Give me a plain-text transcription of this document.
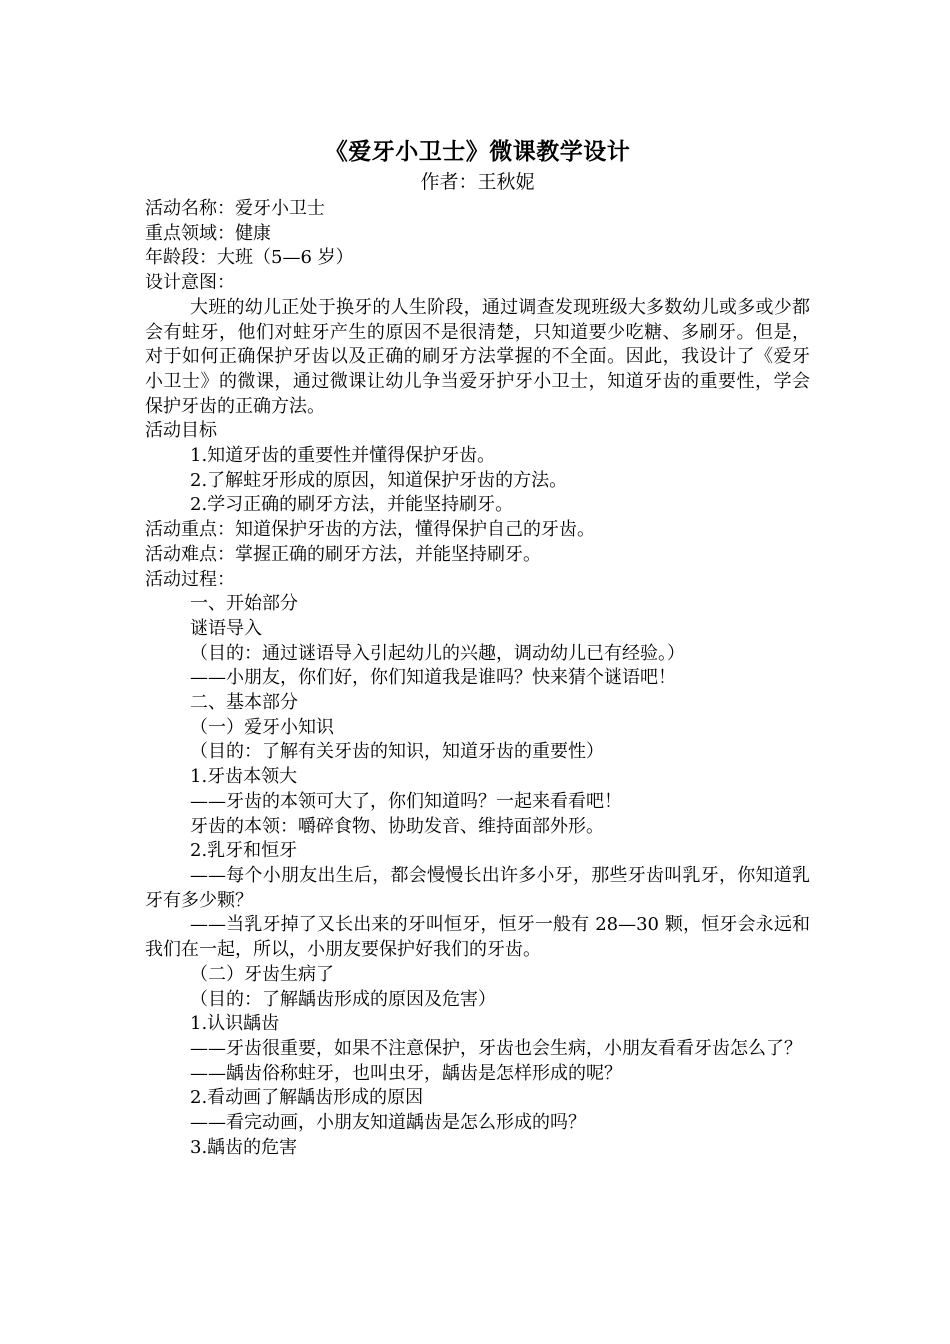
《爱牙小卫士》微课教学设计
作者：王秋妮
活动名称：爱牙小卫士
重点领域：健康
年龄段：大班（5—6 岁）
设计意图：
大班的幼儿正处于换牙的人生阶段，通过调查发现班级大多数幼儿或多或少都会有蛀牙，他们对蛀牙产生的原因不是很清楚，只知道要少吃糖、多刷牙。但是，对于如何正确保护牙齿以及正确的刷牙方法掌握的不全面。因此，我设计了《爱牙小卫士》的微课，通过微课让幼儿争当爱牙护牙小卫士，知道牙齿的重要性，学会保护牙齿的正确方法。
活动目标
1.知道牙齿的重要性并懂得保护牙齿。
2.了解蛀牙形成的原因，知道保护牙齿的方法。
2.学习正确的刷牙方法，并能坚持刷牙。
活动重点：知道保护牙齿的方法，懂得保护自己的牙齿。
活动难点：掌握正确的刷牙方法，并能坚持刷牙。
活动过程：
一、开始部分
谜语导入
（目的：通过谜语导入引起幼儿的兴趣，调动幼儿已有经验。）
——小朋友，你们好，你们知道我是谁吗？快来猜个谜语吧！
二、基本部分
（一）爱牙小知识
（目的：了解有关牙齿的知识，知道牙齿的重要性）
1.牙齿本领大
——牙齿的本领可大了，你们知道吗？一起来看看吧！
牙齿的本领：嚼碎食物、协助发音、维持面部外形。
2.乳牙和恒牙
——每个小朋友出生后，都会慢慢长出许多小牙，那些牙齿叫乳牙，你知道乳牙有多少颗？
——当乳牙掉了又长出来的牙叫恒牙，恒牙一般有 28—30 颗，恒牙会永远和我们在一起，所以，小朋友要保护好我们的牙齿。
（二）牙齿生病了
（目的：了解龋齿形成的原因及危害）
1.认识龋齿
——牙齿很重要，如果不注意保护，牙齿也会生病，小朋友看看牙齿怎么了？
——龋齿俗称蛀牙，也叫虫牙，龋齿是怎样形成的呢？
2.看动画了解龋齿形成的原因
——看完动画，小朋友知道龋齿是怎么形成的吗？
3.龋齿的危害
